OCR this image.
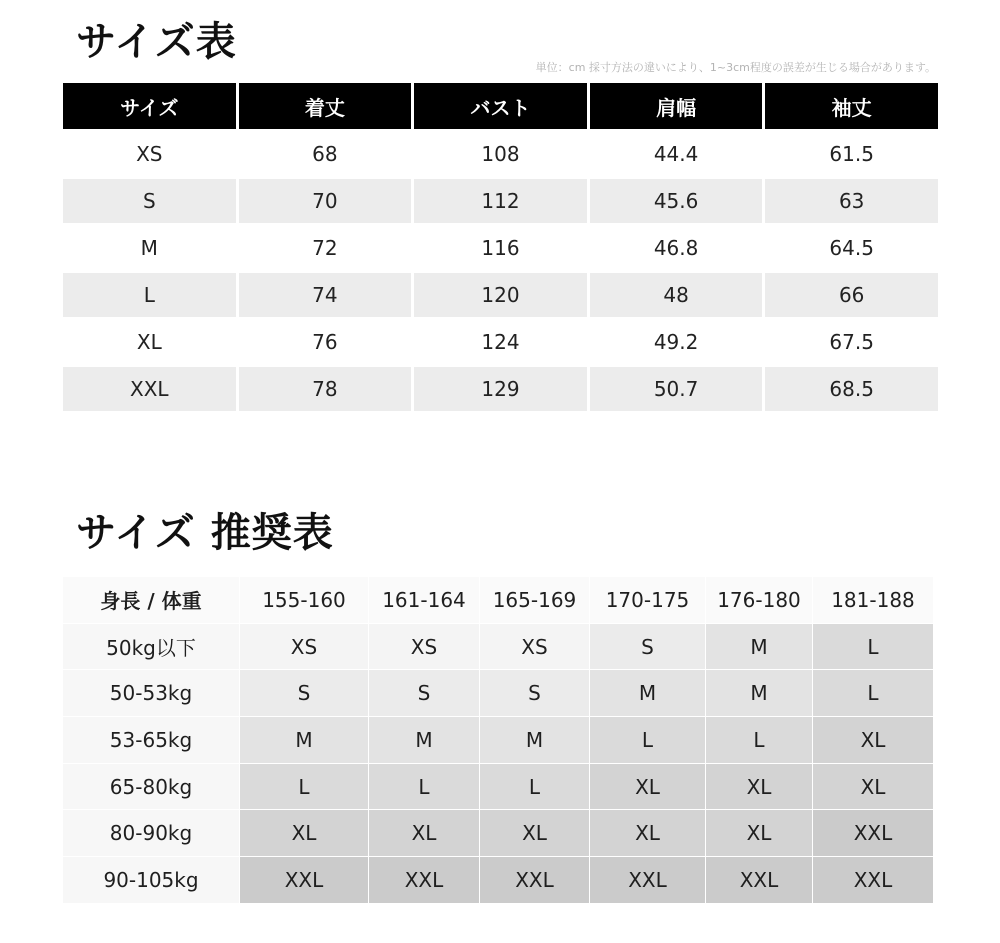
サイズ表
単位：cm 採寸方法の違いにより、1~3cm程度の誤差が生じる場合があります。
サイズ	着丈	バスト	肩幅	袖丈
XS	68	108	44.4	61.5
S	70	112	45.6	63
M	72	116	46.8	64.5
L	74	120	48	66
XL	76	124	49.2	67.5
XXL	78	129	50.7	68.5
サイズ 推奨表
身長 / 体重	155-160	161-164	165-169	170-175	176-180	181-188
50kg以下	XS	XS	XS	S	M	L
50-53kg	S	S	S	M	M	L
53-65kg	M	M	M	L	L	XL
65-80kg	L	L	L	XL	XL	XL
80-90kg	XL	XL	XL	XL	XL	XXL
90-105kg	XXL	XXL	XXL	XXL	XXL	XXL
